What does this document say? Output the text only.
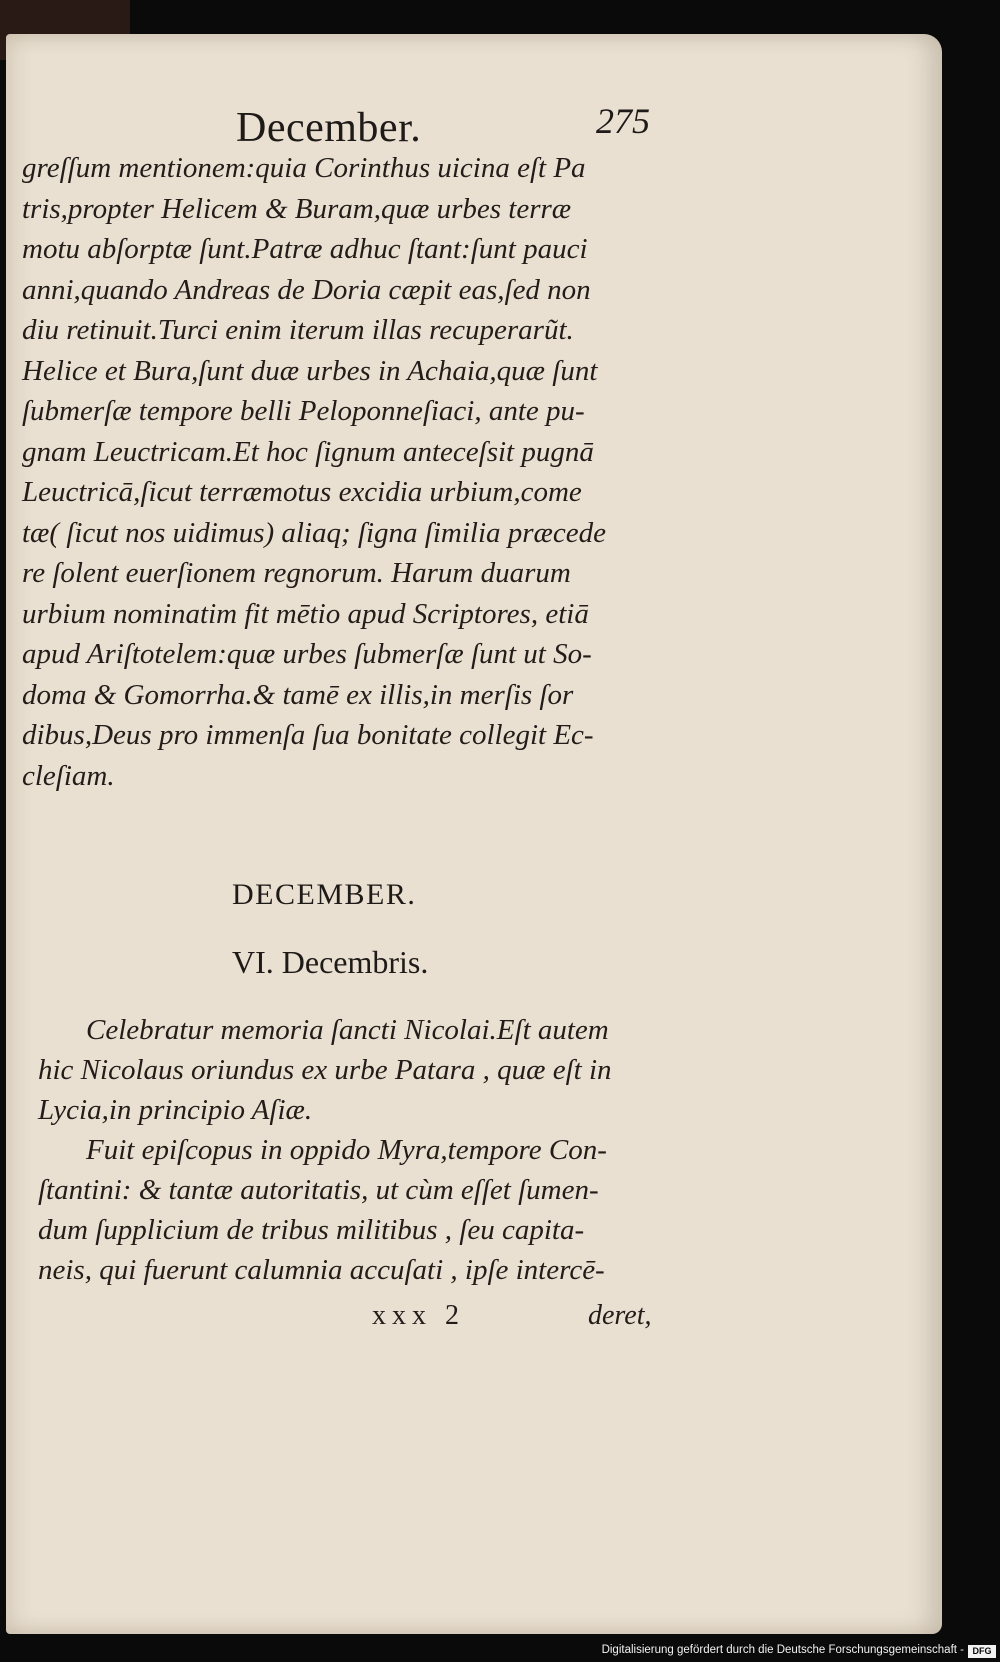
December.	275
greſſum mentionem:quia Corinthus uicina eſt Pa
tris,propter Helicem & Buram,quæ urbes terræ
motu abſorptæ ſunt.Patræ adhuc ſtant:ſunt pauci
anni,quando Andreas de Doria cæpit eas,ſed non
diu retinuit.Turci enim iterum illas recuperarũt.
Helice et Bura,ſunt duæ urbes in Achaia,quæ ſunt
ſubmerſæ tempore belli Peloponneſiaci, ante pu-
gnam Leuctricam.Et hoc ſignum anteceſsit pugnā
Leuctricā,ſicut terræmotus excidia urbium,come
tæ( ſicut nos uidimus) aliaq; ſigna ſimilia præcede
re ſolent euerſionem regnorum. Harum duarum
urbium nominatim fit mētio apud Scriptores, etiā
apud Ariſtotelem:quæ urbes ſubmerſæ ſunt ut So-
doma & Gomorrha.& tamē ex illis,in merſis ſor
dibus,Deus pro immenſa ſua bonitate collegit Ec-
cleſiam.
DECEMBER.
VI. Decembris.
Celebratur memoria ſancti Nicolai.Eſt autem
hic Nicolaus oriundus ex urbe Patara , quæ eſt in
Lycia,in principio Aſiæ.
Fuit epiſcopus in oppido Myra,tempore Con-
ſtantini: & tantæ autoritatis, ut cùm eſſet ſumen-
dum ſupplicium de tribus militibus , ſeu capita-
neis, qui fuerunt calumnia accuſati , ipſe intercē-
xxx 2	deret,
Digitalisierung gefördert durch die Deutsche Forschungsgemeinschaft - DFG
